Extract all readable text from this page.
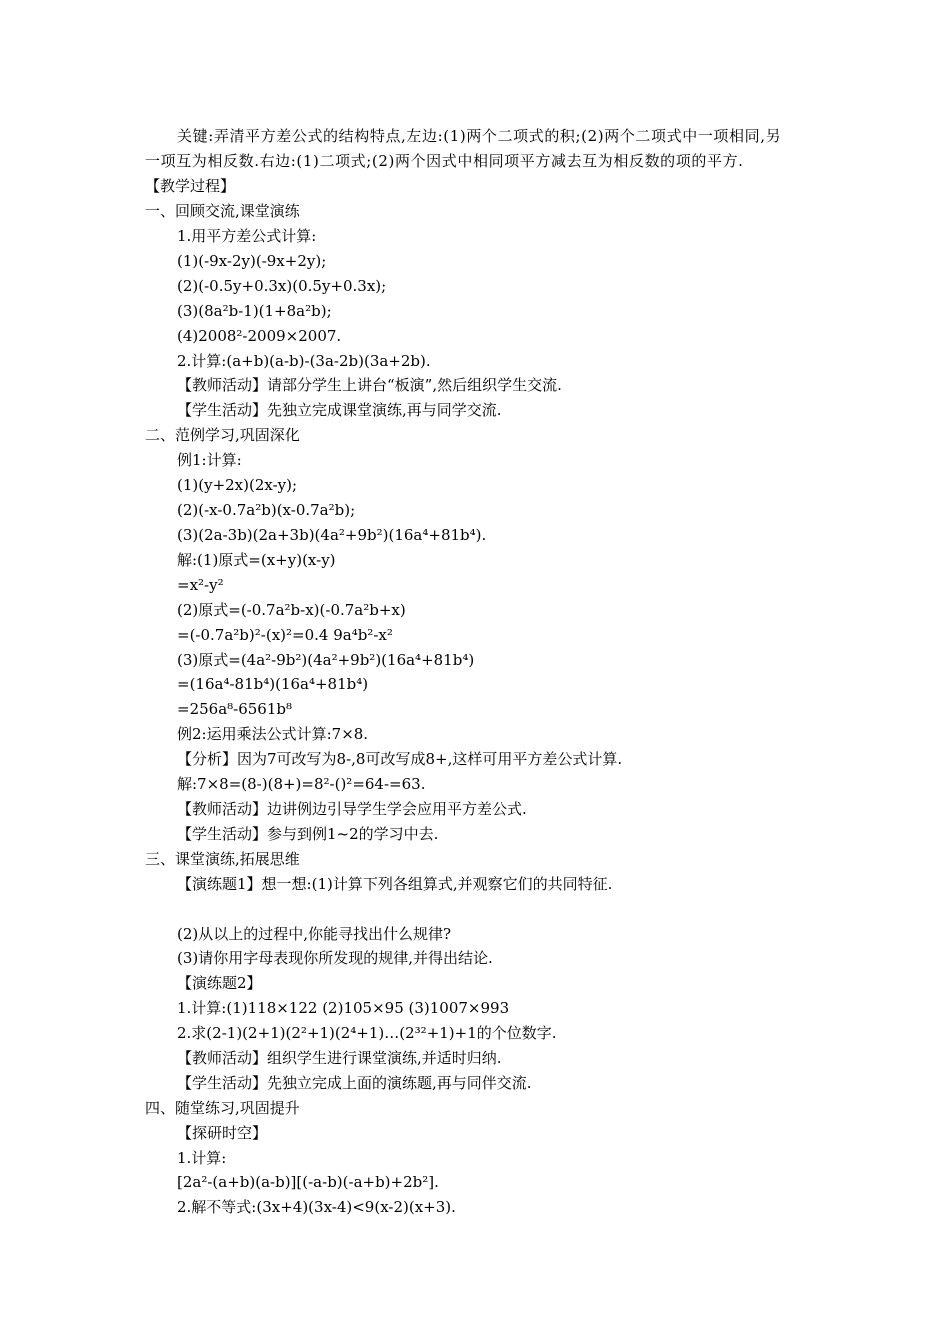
关键:弄清平方差公式的结构特点,左边:(1)两个二项式的积;(2)两个二项式中一项相同,另
一项互为相反数.右边:(1)二项式;(2)两个因式中相同项平方减去互为相反数的项的平方.
【教学过程】
一、回顾交流,课堂演练
1.用平方差公式计算:
(1)(-9x-2y)(-9x+2y);
(2)(-0.5y+0.3x)(0.5y+0.3x);
(3)(8a²b-1)(1+8a²b);
(4)2008²-2009×2007.
2.计算:(a+b)(a-b)-(3a-2b)(3a+2b).
【教师活动】请部分学生上讲台“板演”,然后组织学生交流.
【学生活动】先独立完成课堂演练,再与同学交流.
二、范例学习,巩固深化
例1:计算:
(1)(y+2x)(2x-y);
(2)(-x-0.7a²b)(x-0.7a²b);
(3)(2a-3b)(2a+3b)(4a²+9b²)(16a⁴+81b⁴).
解:(1)原式=(x+y)(x-y)
=x²-y²
(2)原式=(-0.7a²b-x)(-0.7a²b+x)
=(-0.7a²b)²-(x)²=0.4 9a⁴b²-x²
(3)原式=(4a²-9b²)(4a²+9b²)(16a⁴+81b⁴)
=(16a⁴-81b⁴)(16a⁴+81b⁴)
=256a⁸-6561b⁸
例2:运用乘法公式计算:7×8.
【分析】因为7可改写为8-,8可改写成8+,这样可用平方差公式计算.
解:7×8=(8-)(8+)=8²-()²=64-=63.
【教师活动】边讲例边引导学生学会应用平方差公式.
【学生活动】参与到例1~2的学习中去.
三、课堂演练,拓展思维
【演练题1】想一想:(1)计算下列各组算式,并观察它们的共同特征.
(2)从以上的过程中,你能寻找出什么规律?
(3)请你用字母表现你所发现的规律,并得出结论.
【演练题2】
1.计算:(1)118×122 (2)105×95 (3)1007×993
2.求(2-1)(2+1)(2²+1)(2⁴+1)…(2³²+1)+1的个位数字.
【教师活动】组织学生进行课堂演练,并适时归纳.
【学生活动】先独立完成上面的演练题,再与同伴交流.
四、随堂练习,巩固提升
【探研时空】
1.计算:
[2a²-(a+b)(a-b)][(-a-b)(-a+b)+2b²].
2.解不等式:(3x+4)(3x-4)<9(x-2)(x+3).
